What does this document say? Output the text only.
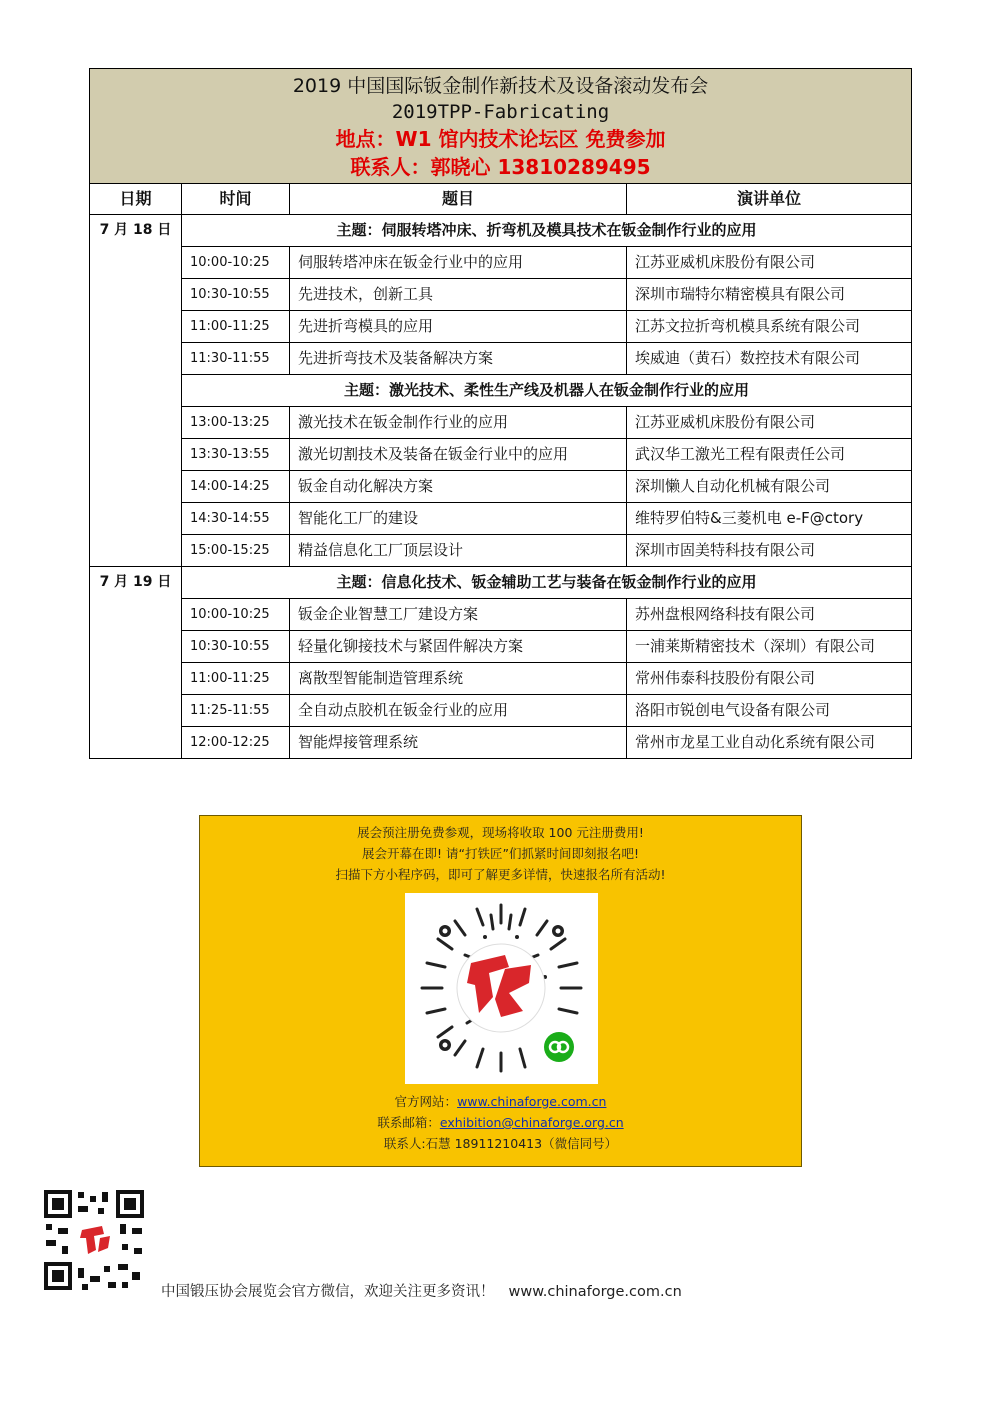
2019 中国国际钣金制作新技术及设备滚动发布会
2019TPP-Fabricating
地点：W1 馆内技术论坛区 免费参加
联系人：郭晓心 13810289495			

日期	时间	题目	演讲单位
7 月 18 日	主题：伺服转塔冲床、折弯机及模具技术在钣金制作行业的应用		
	10:00-10:25	伺服转塔冲床在钣金行业中的应用	江苏亚威机床股份有限公司
	10:30-10:55	先进技术，创新工具	深圳市瑞特尔精密模具有限公司
	11:00-11:25	先进折弯模具的应用	江苏文拉折弯机模具系统有限公司
	11:30-11:55	先进折弯技术及装备解决方案	埃威迪（黄石）数控技术有限公司
	主题：激光技术、柔性生产线及机器人在钣金制作行业的应用		
	13:00-13:25	激光技术在钣金制作行业的应用	江苏亚威机床股份有限公司
	13:30-13:55	激光切割技术及装备在钣金行业中的应用	武汉华工激光工程有限责任公司
	14:00-14:25	钣金自动化解决方案	深圳懒人自动化机械有限公司
	14:30-14:55	智能化工厂的建设	维特罗伯特&三菱机电 e-F@ctory
	15:00-15:25	精益信息化工厂顶层设计	深圳市固美特科技有限公司
7 月 19 日	主题：信息化技术、钣金辅助工艺与装备在钣金制作行业的应用		
	10:00-10:25	钣金企业智慧工厂建设方案	苏州盘根网络科技有限公司
	10:30-10:55	轻量化铆接技术与紧固件解决方案	一浦莱斯精密技术（深圳）有限公司
	11:00-11:25	离散型智能制造管理系统	常州伟泰科技股份有限公司
	11:25-11:55	全自动点胶机在钣金行业的应用	洛阳市锐创电气设备有限公司
	12:00-12:25	智能焊接管理系统	常州市龙星工业自动化系统有限公司
展会预注册免费参观，现场将收取 100 元注册费用!
展会开幕在即! 请“打铁匠”们抓紧时间即刻报名吧!
扫描下方小程序码，即可了解更多详情，快速报名所有活动!
官方网站：www.chinaforge.com.cn
联系邮箱：exhibition@chinaforge.org.cn
联系人:石慧 18911210413（微信同号）
中国锻压协会展览会官方微信，欢迎关注更多资讯！ www.chinaforge.com.cn
